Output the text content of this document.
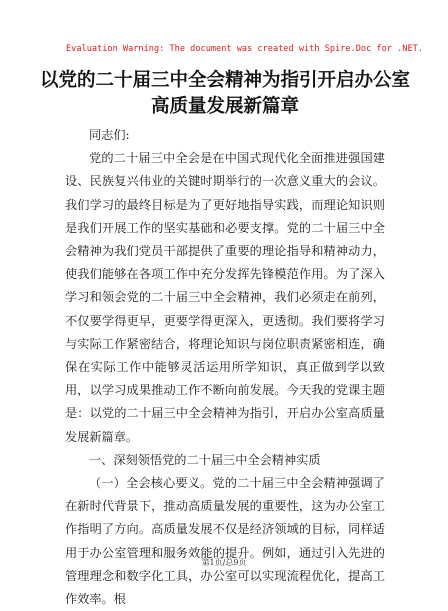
Evaluation Warning: The document was created with Spire.Doc for .NET.
以党的二十届三中全会精神为指引开启办公室
高质量发展新篇章

同志们:

党的二十届三中全会是在中国式现代化全面推进强国建设、民族复兴伟业的关键时期举行的一次意义重大的会议。我们学习的最终目标是为了更好地指导实践，而理论知识则是我们开展工作的坚实基础和必要支撑。党的二十届三中全会精神为我们党员干部提供了重要的理论指导和精神动力，使我们能够在各项工作中充分发挥先锋模范作用。为了深入学习和领会党的二十届三中全会精神，我们必须走在前列，不仅要学得更早，更要学得更深入，更透彻。我们要将学习与实际工作紧密结合，将理论知识与岗位职责紧密相连，确保在实际工作中能够灵活运用所学知识，真正做到学以致用，以学习成果推动工作不断向前发展。今天我的党课主题是：以党的二十届三中全会精神为指引，开启办公室高质量发展新篇章。

一、深刻领悟党的二十届三中全会精神实质

（一）全会核心要义。党的二十届三中全会精神强调了在新时代背景下，推动高质量发展的重要性，这为办公室工作指明了方向。高质量发展不仅是经济领域的目标，同样适用于办公室管理和服务效能的提升。例如，通过引入先进的管理理念和数字化工具，办公室可以实现流程优化，提高工作效率。根

第1页/总9页
